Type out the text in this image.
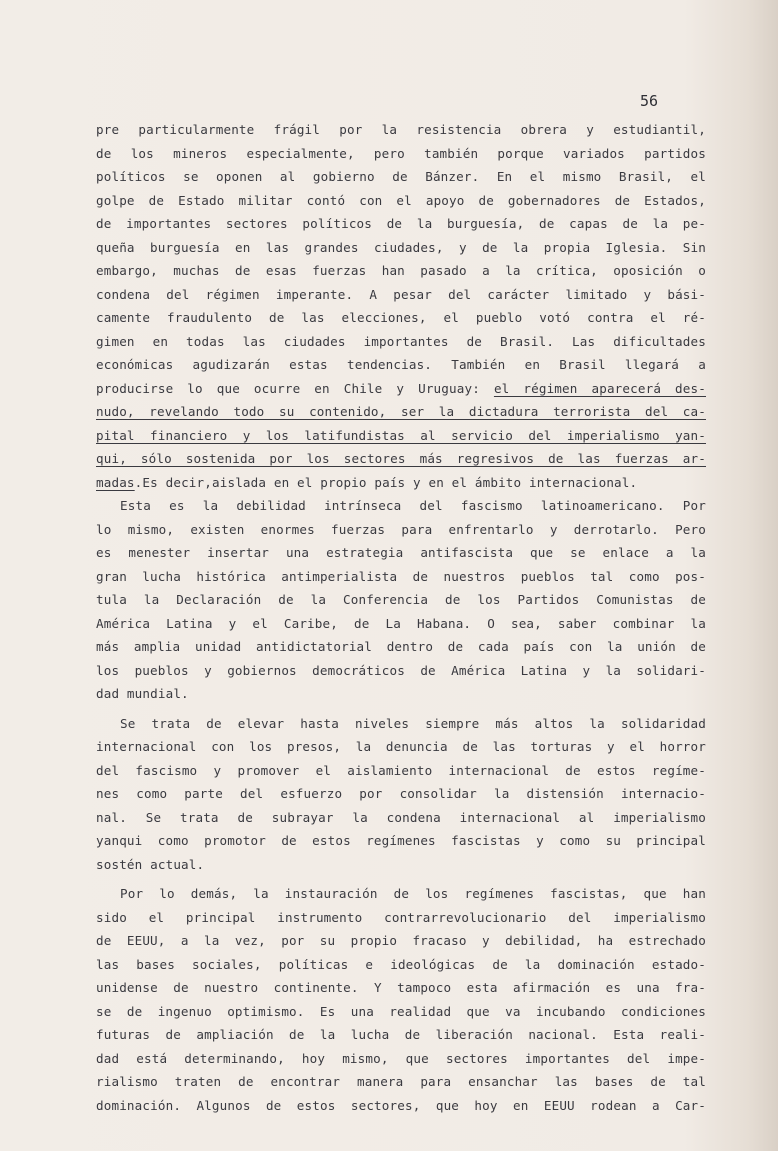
56
pre particularmente frágil por la resistencia obrera y estudiantil,
de los mineros especialmente, pero también porque variados partidos
políticos se oponen al gobierno de Bánzer. En el mismo Brasil, el
golpe de Estado militar contó con el apoyo de gobernadores de Estados,
de importantes sectores políticos de la burguesía, de capas de la pe-
queña burguesía en las grandes ciudades, y de la propia Iglesia. Sin
embargo, muchas de esas fuerzas han pasado a la crítica, oposición o
condena del régimen imperante. A pesar del carácter limitado y bási-
camente fraudulento de las elecciones, el pueblo votó contra el ré-
gimen en todas las ciudades importantes de Brasil. Las dificultades
económicas agudizarán estas tendencias. También en Brasil llegará a
producirse lo que ocurre en Chile y Uruguay: el régimen aparecerá des-
nudo, revelando todo su contenido, ser la dictadura terrorista del ca-
pital financiero y los latifundistas al servicio del imperialismo yan-
qui, sólo sostenida por los sectores más regresivos de las fuerzas ar-
madas.Es decir,aislada en el propio país y en el ámbito internacional.
Esta es la debilidad intrínseca del fascismo latinoamericano. Por
lo mismo, existen enormes fuerzas para enfrentarlo y derrotarlo. Pero
es menester insertar una estrategia antifascista que se enlace a la
gran lucha histórica antimperialista de nuestros pueblos tal como pos-
tula la Declaración de la Conferencia de los Partidos Comunistas de
América Latina y el Caribe, de La Habana. O sea, saber combinar la
más amplia unidad antidictatorial dentro de cada país con la unión de
los pueblos y gobiernos democráticos de América Latina y la solidari-
dad mundial.
Se trata de elevar hasta niveles siempre más altos la solidaridad
internacional con los presos, la denuncia de las torturas y el horror
del fascismo y promover el aislamiento internacional de estos regíme-
nes como parte del esfuerzo por consolidar la distensión internacio-
nal. Se trata de subrayar la condena internacional al imperialismo
yanqui como promotor de estos regímenes fascistas y como su principal
sostén actual.
Por lo demás, la instauración de los regímenes fascistas, que han
sido el principal instrumento contrarrevolucionario del imperialismo
de EEUU, a la vez, por su propio fracaso y debilidad, ha estrechado
las bases sociales, políticas e ideológicas de la dominación estado-
unidense de nuestro continente. Y tampoco esta afirmación es una fra-
se de ingenuo optimismo. Es una realidad que va incubando condiciones
futuras de ampliación de la lucha de liberación nacional. Esta reali-
dad está determinando, hoy mismo, que sectores importantes del impe-
rialismo traten de encontrar manera para ensanchar las bases de tal
dominación. Algunos de estos sectores, que hoy en EEUU rodean a Car-
